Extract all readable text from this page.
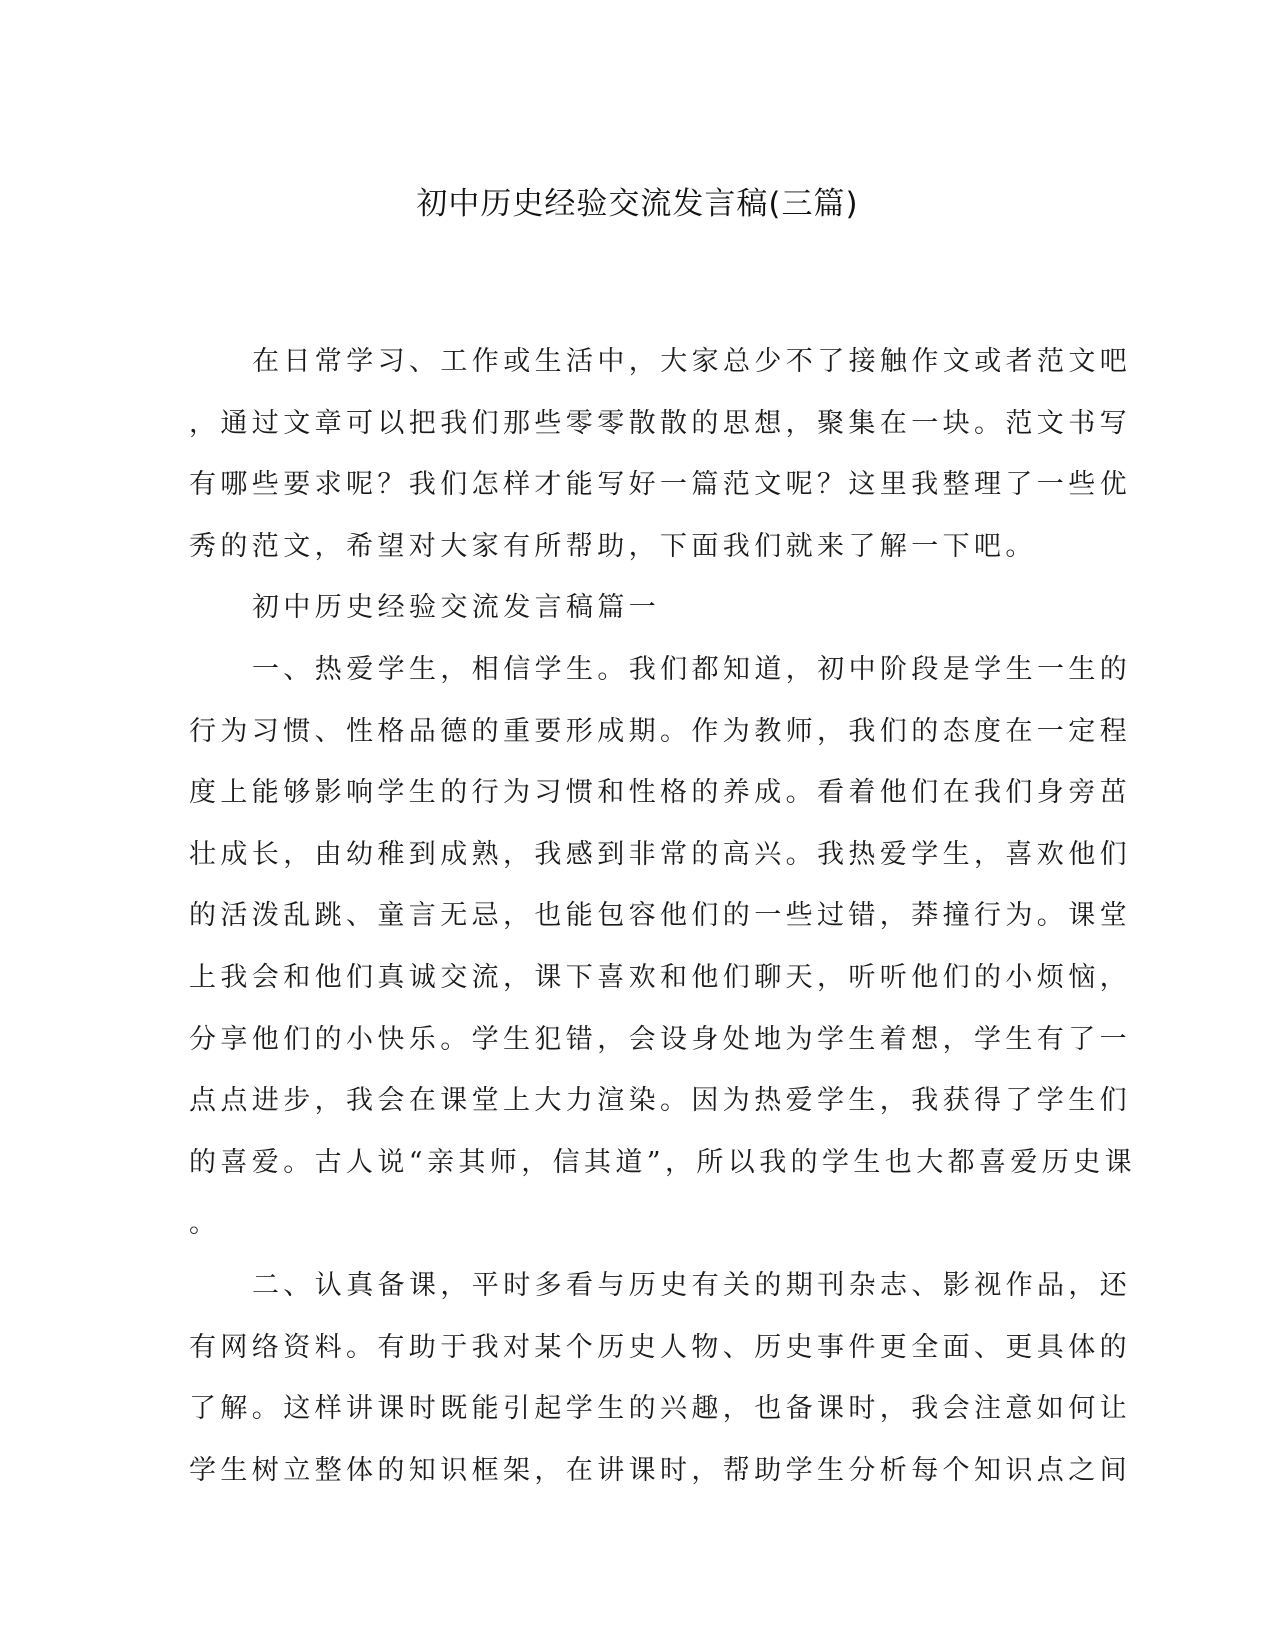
初中历史经验交流发言稿(三篇)

在日常学习、工作或生活中，大家总少不了接触作文或者范文吧
，通过文章可以把我们那些零零散散的思想，聚集在一块。范文书写
有哪些要求呢？我们怎样才能写好一篇范文呢？这里我整理了一些优
秀的范文，希望对大家有所帮助，下面我们就来了解一下吧。

初中历史经验交流发言稿篇一

一、热爱学生，相信学生。我们都知道，初中阶段是学生一生的
行为习惯、性格品德的重要形成期。作为教师，我们的态度在一定程
度上能够影响学生的行为习惯和性格的养成。看着他们在我们身旁茁
壮成长，由幼稚到成熟，我感到非常的高兴。我热爱学生，喜欢他们
的活泼乱跳、童言无忌，也能包容他们的一些过错，莽撞行为。课堂
上我会和他们真诚交流，课下喜欢和他们聊天，听听他们的小烦恼，
分享他们的小快乐。学生犯错，会设身处地为学生着想，学生有了一
点点进步，我会在课堂上大力渲染。因为热爱学生，我获得了学生们
的喜爱。古人说“亲其师，信其道”，所以我的学生也大都喜爱历史课
。

二、认真备课，平时多看与历史有关的期刊杂志、影视作品，还
有网络资料。有助于我对某个历史人物、历史事件更全面、更具体的
了解。这样讲课时既能引起学生的兴趣，也备课时，我会注意如何让
学生树立整体的知识框架，在讲课时，帮助学生分析每个知识点之间
